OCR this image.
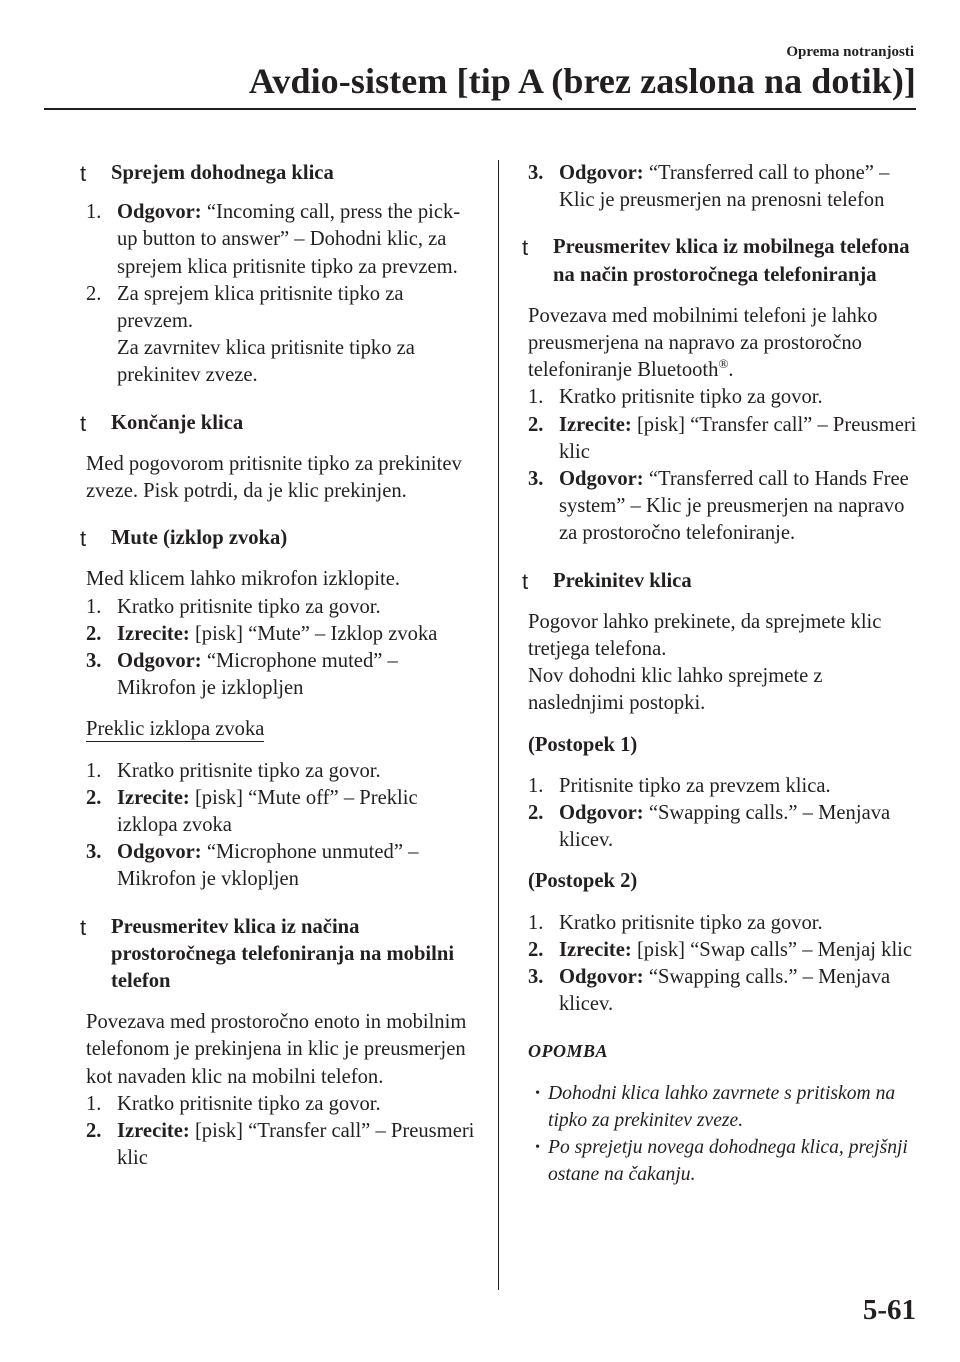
Oprema notranjosti
Avdio-sistem [tip A (brez zaslona na dotik)]
t Sprejem dohodnega klica
1. Odgovor: “Incoming call, press the pick-up button to answer” – Dohodni klic, za sprejem klica pritisnite tipko za prevzem.
2. Za sprejem klica pritisnite tipko za prevzem.
Za zavrnitev klica pritisnite tipko za prekinitev zveze.
t Končanje klica
Med pogovorom pritisnite tipko za prekinitev zveze. Pisk potrdi, da je klic prekinjen.
t Mute (izklop zvoka)
Med klicem lahko mikrofon izklopite.
1. Kratko pritisnite tipko za govor.
2. Izrecite: [pisk] “Mute” – Izklop zvoka
3. Odgovor: “Microphone muted” – Mikrofon je izklopljen
Preklic izklopa zvoka
1. Kratko pritisnite tipko za govor.
2. Izrecite: [pisk] “Mute off” – Preklic izklopa zvoka
3. Odgovor: “Microphone unmuted” – Mikrofon je vklopljen
t Preusmeritev klica iz načina prostoročnega telefoniranja na mobilni telefon
Povezava med prostoročno enoto in mobilnim telefonom je prekinjena in klic je preusmerjen kot navaden klic na mobilni telefon.
1. Kratko pritisnite tipko za govor.
2. Izrecite: [pisk] “Transfer call” – Preusmeri klic
3. Odgovor: “Transferred call to phone” – Klic je preusmerjen na prenosni telefon
t Preusmeritev klica iz mobilnega telefona na način prostoročnega telefoniranja
Povezava med mobilnimi telefoni je lahko preusmerjena na napravo za prostoročno telefoniranje Bluetooth®.
1. Kratko pritisnite tipko za govor.
2. Izrecite: [pisk] “Transfer call” – Preusmeri klic
3. Odgovor: “Transferred call to Hands Free system” – Klic je preusmerjen na napravo za prostoročno telefoniranje.
t Prekinitev klica
Pogovor lahko prekinete, da sprejmete klic tretjega telefona.
Nov dohodni klic lahko sprejmete z naslednjimi postopki.
(Postopek 1)
1. Pritisnite tipko za prevzem klica.
2. Odgovor: “Swapping calls.” – Menjava klicev.
(Postopek 2)
1. Kratko pritisnite tipko za govor.
2. Izrecite: [pisk] “Swap calls” – Menjaj klic
3. Odgovor: “Swapping calls.” – Menjava klicev.
OPOMBA
• Dohodni klica lahko zavrnete s pritiskom na tipko za prekinitev zveze.
• Po sprejetju novega dohodnega klica, prejšnji ostane na čakanju.
5-61
